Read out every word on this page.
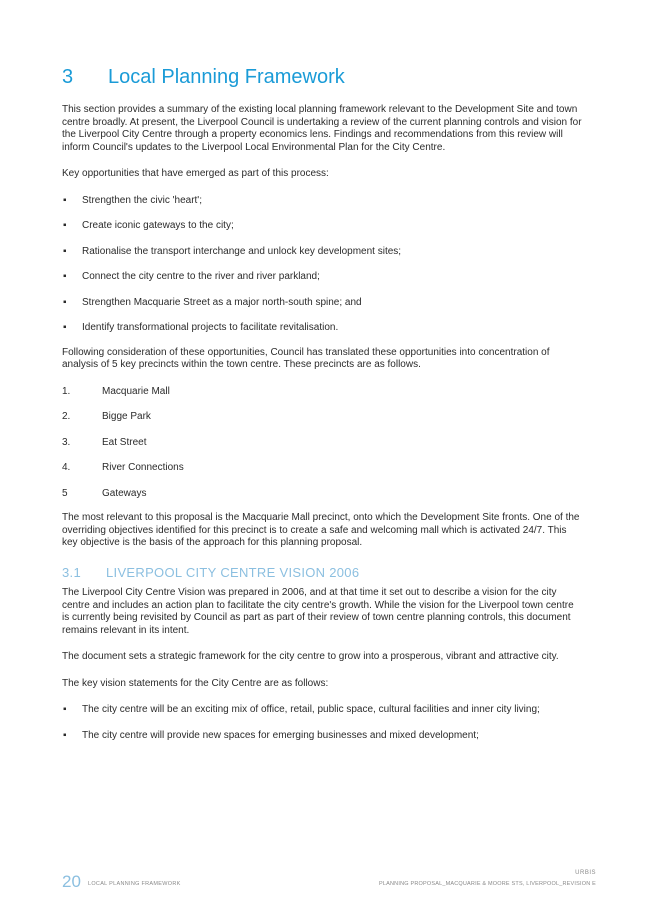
3 Local Planning Framework

This section provides a summary of the existing local planning framework relevant to the Development Site and town centre broadly. At present, the Liverpool Council is undertaking a review of the current planning controls and vision for the Liverpool City Centre through a property economics lens. Findings and recommendations from this review will inform Council's updates to the Liverpool Local Environmental Plan for the City Centre.

Key opportunities that have emerged as part of this process:

▪ Strengthen the civic 'heart';
▪ Create iconic gateways to the city;
▪ Rationalise the transport interchange and unlock key development sites;
▪ Connect the city centre to the river and river parkland;
▪ Strengthen Macquarie Street as a major north-south spine; and
▪ Identify transformational projects to facilitate revitalisation.

Following consideration of these opportunities, Council has translated these opportunities into concentration of analysis of 5 key precincts within the town centre. These precincts are as follows.

1.	Macquarie Mall
2.	Bigge Park
3.	Eat Street
4.	River Connections
5	Gateways

The most relevant to this proposal is the Macquarie Mall precinct, onto which the Development Site fronts. One of the overriding objectives identified for this precinct is to create a safe and welcoming mall which is activated 24/7. This key objective is the basis of the approach for this planning proposal.

3.1 LIVERPOOL CITY CENTRE VISION 2006

The Liverpool City Centre Vision was prepared in 2006, and at that time it set out to describe a vision for the city centre and includes an action plan to facilitate the city centre's growth. While the vision for the Liverpool town centre is currently being revisited by Council as part as part of their review of town centre planning controls, this document remains relevant in its intent.

The document sets a strategic framework for the city centre to grow into a prosperous, vibrant and attractive city.

The key vision statements for the City Centre are as follows:

▪ The city centre will be an exciting mix of office, retail, public space, cultural facilities and inner city living;
▪ The city centre will provide new spaces for emerging businesses and mixed development;
20 LOCAL PLANNING FRAMEWORK
URBIS
PLANNING PROPOSAL_MACQUARIE & MOORE STS, LIVERPOOL_REVISION E
